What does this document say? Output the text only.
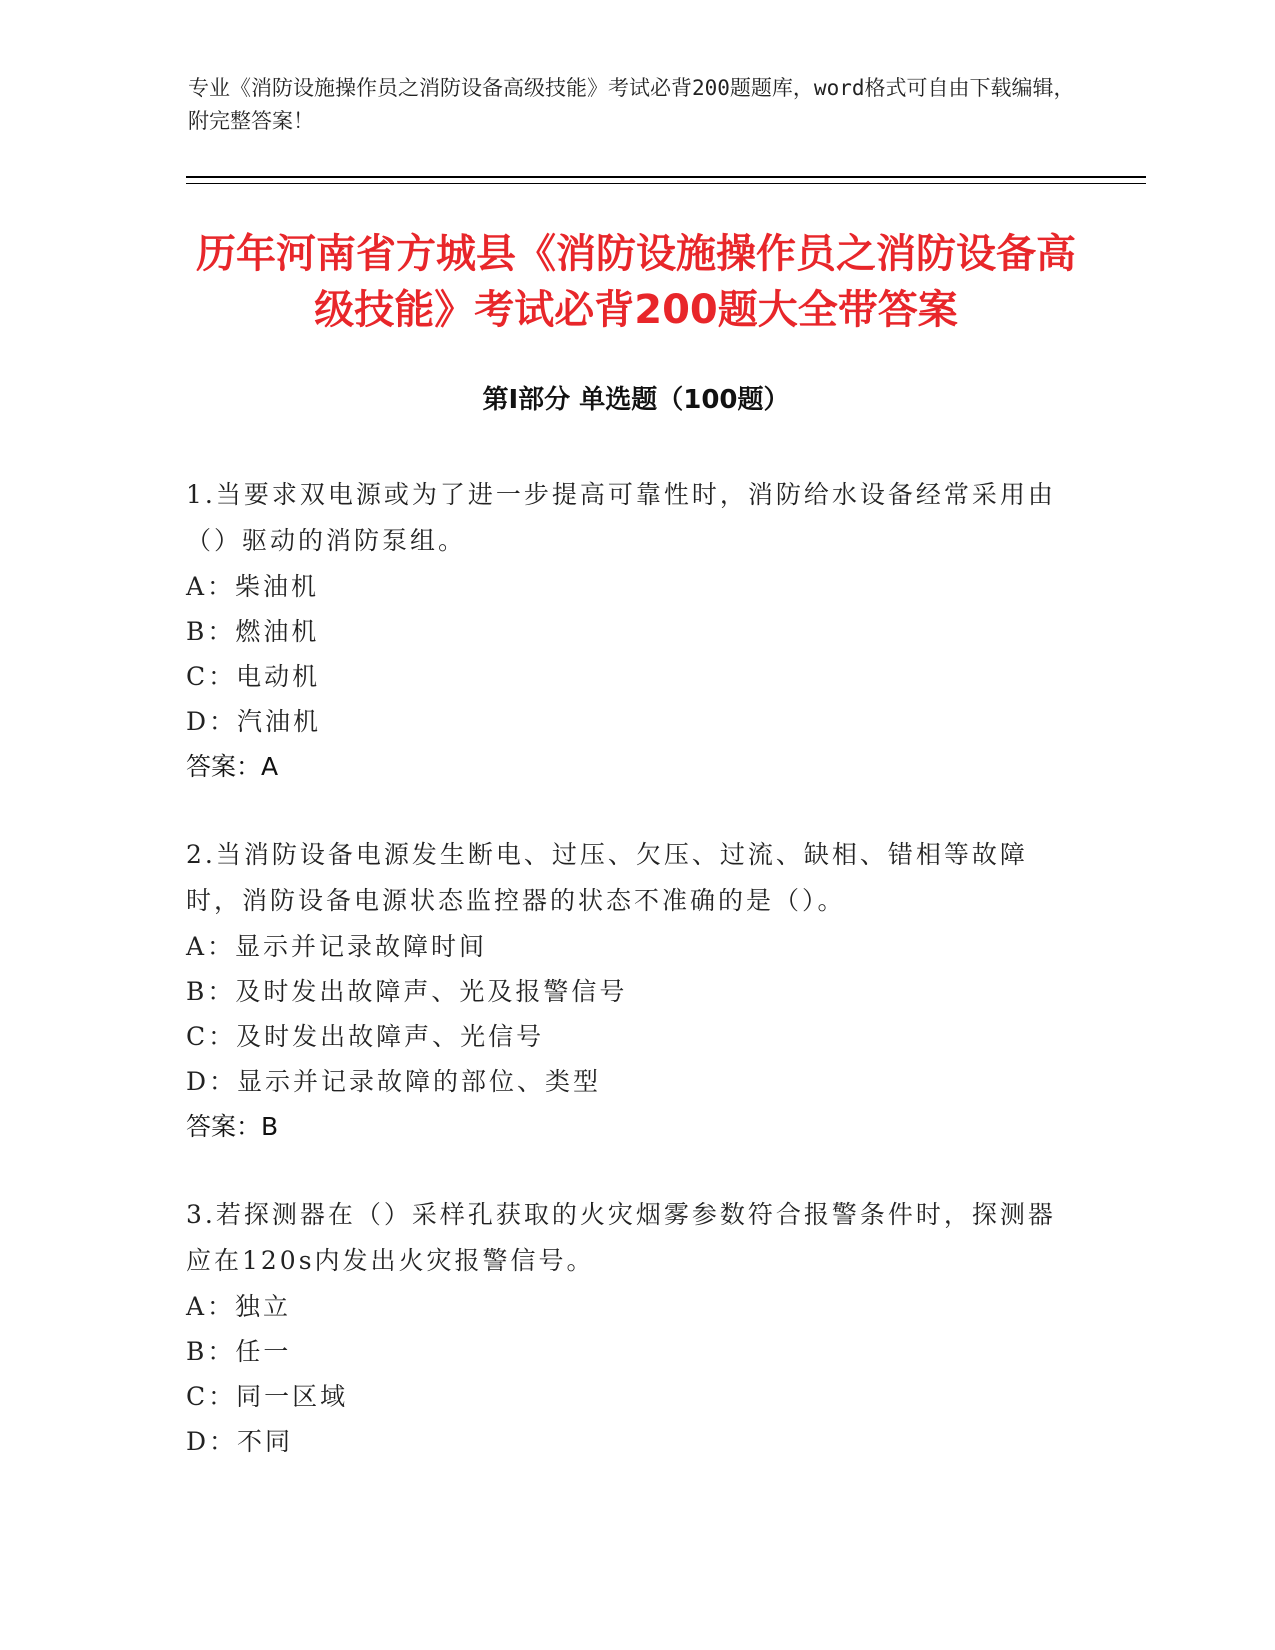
专业《消防设施操作员之消防设备高级技能》考试必背200题题库，word格式可自由下载编辑，附完整答案！
历年河南省方城县《消防设施操作员之消防设备高级技能》考试必背200题大全带答案
第Ⅰ部分 单选题（100题）
1.当要求双电源或为了进一步提高可靠性时，消防给水设备经常采用由（）驱动的消防泵组。
A：柴油机
B：燃油机
C：电动机
D：汽油机
答案：A
2.当消防设备电源发生断电、过压、欠压、过流、缺相、错相等故障时，消防设备电源状态监控器的状态不准确的是（）。
A：显示并记录故障时间
B：及时发出故障声、光及报警信号
C：及时发出故障声、光信号
D：显示并记录故障的部位、类型
答案：B
3.若探测器在（）采样孔获取的火灾烟雾参数符合报警条件时，探测器应在120s内发出火灾报警信号。
A：独立
B：任一
C：同一区域
D：不同
